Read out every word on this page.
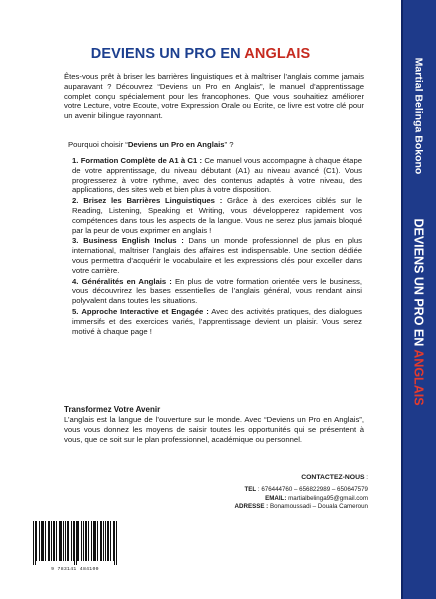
DEVIENS UN PRO EN ANGLAIS
Êtes-vous prêt à briser les barrières linguistiques et à maîtriser l’anglais comme jamais auparavant ? Découvrez “Deviens un Pro en Anglais”, le manuel d’apprentissage complet conçu spécialement pour les francophones. Que vous souhaitiez améliorer votre Lecture, votre Ecoute, votre Expression Orale ou Ecrite, ce livre est votre clé pour un avenir bilingue rayonnant.
Pourquoi choisir “Deviens un Pro en Anglais” ?
1. Formation Complète de A1 à C1 : Ce manuel vous accompagne à chaque étape de votre apprentissage, du niveau débutant (A1) au niveau avancé (C1). Vous progresserez à votre rythme, avec des contenus adaptés à votre niveau, des applications, des sites web et bien plus à votre disposition.
2. Brisez les Barrières Linguistiques : Grâce à des exercices ciblés sur le Reading, Listening, Speaking et Writing, vous développerez rapidement vos compétences dans tous les aspects de la langue. Vous ne serez plus jamais bloqué par la peur de vous exprimer en anglais !
3. Business English Inclus : Dans un monde professionnel de plus en plus international, maîtriser l’anglais des affaires est indispensable. Une section dédiée vous permettra d’acquérir le vocabulaire et les expressions clés pour exceller dans votre carrière.
4. Généralités en Anglais : En plus de votre formation orientée vers le business, vous découvrirez les bases essentielles de l’anglais général, vous rendant ainsi polyvalent dans toutes les situations.
5. Approche Interactive et Engagée : Avec des activités pratiques, des dialogues immersifs et des exercices variés, l’apprentissage devient un plaisir. Vous serez motivé à chaque page !
Transformez Votre Avenir
L’anglais est la langue de l’ouverture sur le monde. Avec “Deviens un Pro en Anglais”, vous vous donnez les moyens de saisir toutes les opportunités qui se présentent à vous, que ce soit sur le plan professionnel, académique ou personnel.
CONTACTEZ-NOUS :
TEL : 676444760 – 656822989 – 650647579
EMAIL: martialbelinga95@gmail.com
ADRESSE : Bonamoussadi – Douala Cameroun
9 783141 484100
Martial Belinga Bokono
DEVIENS UN PRO EN ANGLAIS
